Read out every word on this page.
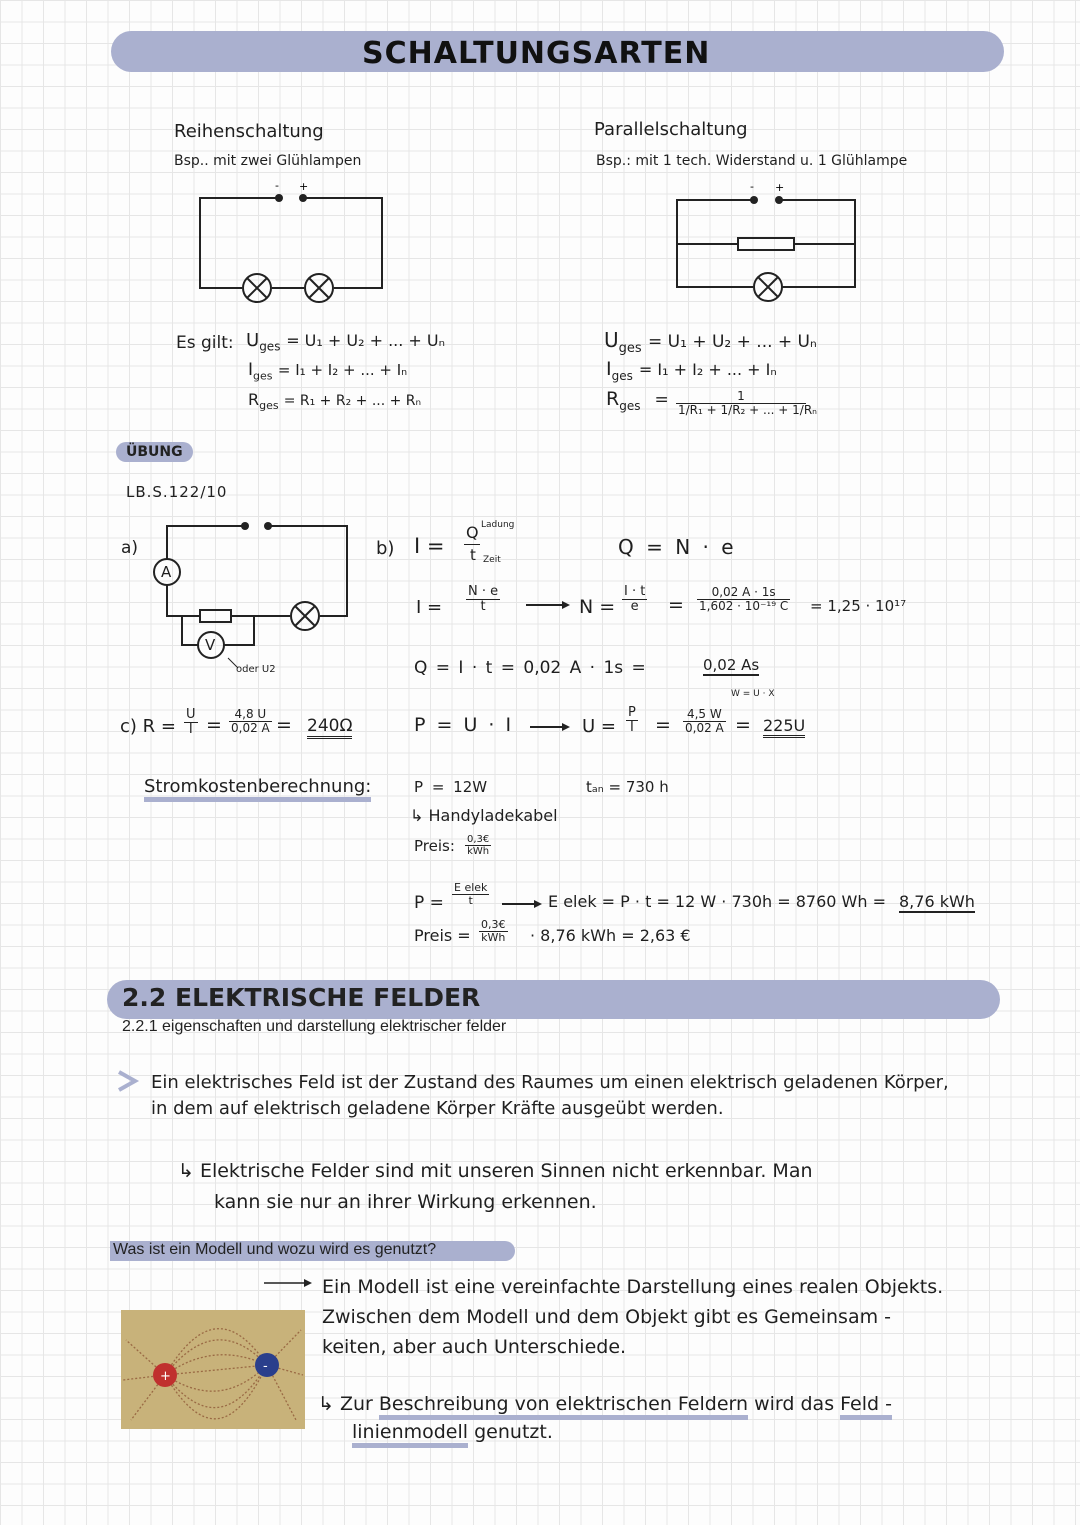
SCHALTUNGSARTEN
Reihenschaltung
Bsp.. mit zwei Glühlampen
- +
Es gilt: $U_{ges} = U_1 + U_2$ + ... + Uₙ
$I_{ges} = I_1 + I_2$ + ... + Iₙ
$R_{ges} = R_1 + R_2$ + ... + Rₙ
Parallelschaltung
Bsp.: mit 1 tech. Widerstand u. 1 Glühlampe
- +
$U_{ges} = U_1 + U_2$ + ... + Uₙ
$I_{ges} = I_1 + I_2$ + ... + Iₙ
$R_{ges} = \frac{1}{\text{1/R₁ + 1/R₂ + ... + 1/Rₙ}}$
ÜBUNG
LB.S.122/10
a)
A
V
oder U2
b) I =
Q Ladung
t Zeit
Q = N · e
$I = \frac{N \cdot e}{t}$	$N = \frac{I \cdot t}{e} = \frac{0,02 A \cdot 1s}{\text{1,602 · 10⁻¹⁹ C}} = 1,25 \cdot 10^{17}$
Q = I · t = 0,02 A · 1s =	0,02 As
W = U · X
P = U · I	$U = \frac{P}{I} = \frac{4,5 W}{0,02 A} = 225U$
c) $R = \frac{U}{I} = \frac{4,8 U}{0,02 A} = 240\Omega$
Stromkostenberechnung:	P = 12W
↳ Handyladekabel
Preis: $\frac{0,3€}{\text{kWh}}$
tₐₙ = 730 h
$P = \frac{\text{E elek}}{t}$	E elek = P · t = 12 W · 730h = 8760 Wh = 8,76 kWh
Preis = $\frac{0,3€}{\text{kWh}} \cdot 8,76$ kWh = 2,63 €
2.2 ELEKTRISCHE FELDER
2.2.1 eigenschaften und darstellung elektrischer felder
Ein elektrisches Feld ist der Zustand des Raumes um einen elektrisch geladenen Körper,
in dem auf elektrisch geladene Körper Kräfte ausgeübt werden.
↳ Elektrische Felder sind mit unseren Sinnen nicht erkennbar. Man
kann sie nur an ihrer Wirkung erkennen.
Was ist ein Modell und wozu wird es genutzt?
Ein Modell ist eine vereinfachte Darstellung eines realen Objekts.
Zwischen dem Modell und dem Objekt gibt es Gemeinsam -
keiten, aber auch Unterschiede.
+
-
↳ Zur Beschreibung von elektrischen Feldern wird das Feld -
linienmodell genutzt.
